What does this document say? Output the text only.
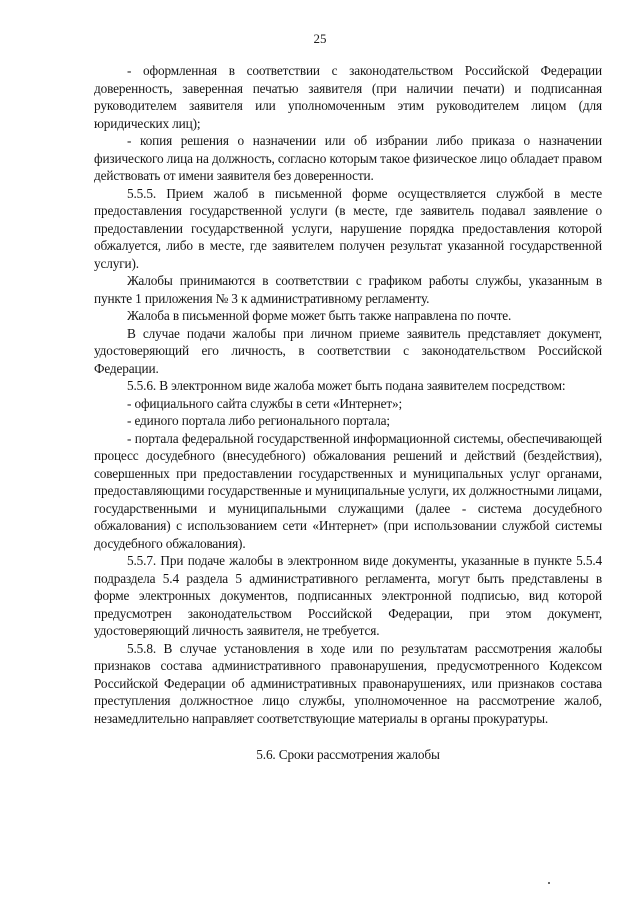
25

- оформленная в соответствии с законодательством Российской Федерации доверенность, заверенная печатью заявителя (при наличии печати) и подписанная руководителем заявителя или уполномоченным этим руководителем лицом (для юридических лиц);

- копия решения о назначении или об избрании либо приказа о назначении физического лица на должность, согласно которым такое физическое лицо обладает правом действовать от имени заявителя без доверенности.

5.5.5. Прием жалоб в письменной форме осуществляется службой в месте предоставления государственной услуги (в месте, где заявитель подавал заявление о предоставлении государственной услуги, нарушение порядка предоставления которой обжалуется, либо в месте, где заявителем получен результат указанной государственной услуги).

Жалобы принимаются в соответствии с графиком работы службы, указанным в пункте 1 приложения № 3 к административному регламенту.

Жалоба в письменной форме может быть также направлена по почте.

В случае подачи жалобы при личном приеме заявитель представляет документ, удостоверяющий его личность, в соответствии с законодательством Российской Федерации.

5.5.6. В электронном виде жалоба может быть подана заявителем посредством:

- официального сайта службы в сети «Интернет»;

- единого портала либо регионального портала;

- портала федеральной государственной информационной системы, обеспечивающей процесс досудебного (внесудебного) обжалования решений и действий (бездействия), совершенных при предоставлении государственных и муниципальных услуг органами, предоставляющими государственные и муниципальные услуги, их должностными лицами, государственными и муниципальными служащими (далее - система досудебного обжалования) с использованием сети «Интернет» (при использовании службой системы досудебного обжалования).

5.5.7. При подаче жалобы в электронном виде документы, указанные в пункте 5.5.4 подраздела 5.4 раздела 5 административного регламента, могут быть представлены в форме электронных документов, подписанных электронной подписью, вид которой предусмотрен законодательством Российской Федерации, при этом документ, удостоверяющий личность заявителя, не требуется.

5.5.8. В случае установления в ходе или по результатам рассмотрения жалобы признаков состава административного правонарушения, предусмотренного Кодексом Российской Федерации об административных правонарушениях, или признаков состава преступления должностное лицо службы, уполномоченное на рассмотрение жалоб, незамедлительно направляет соответствующие материалы в органы прокуратуры.

5.6. Сроки рассмотрения жалобы
